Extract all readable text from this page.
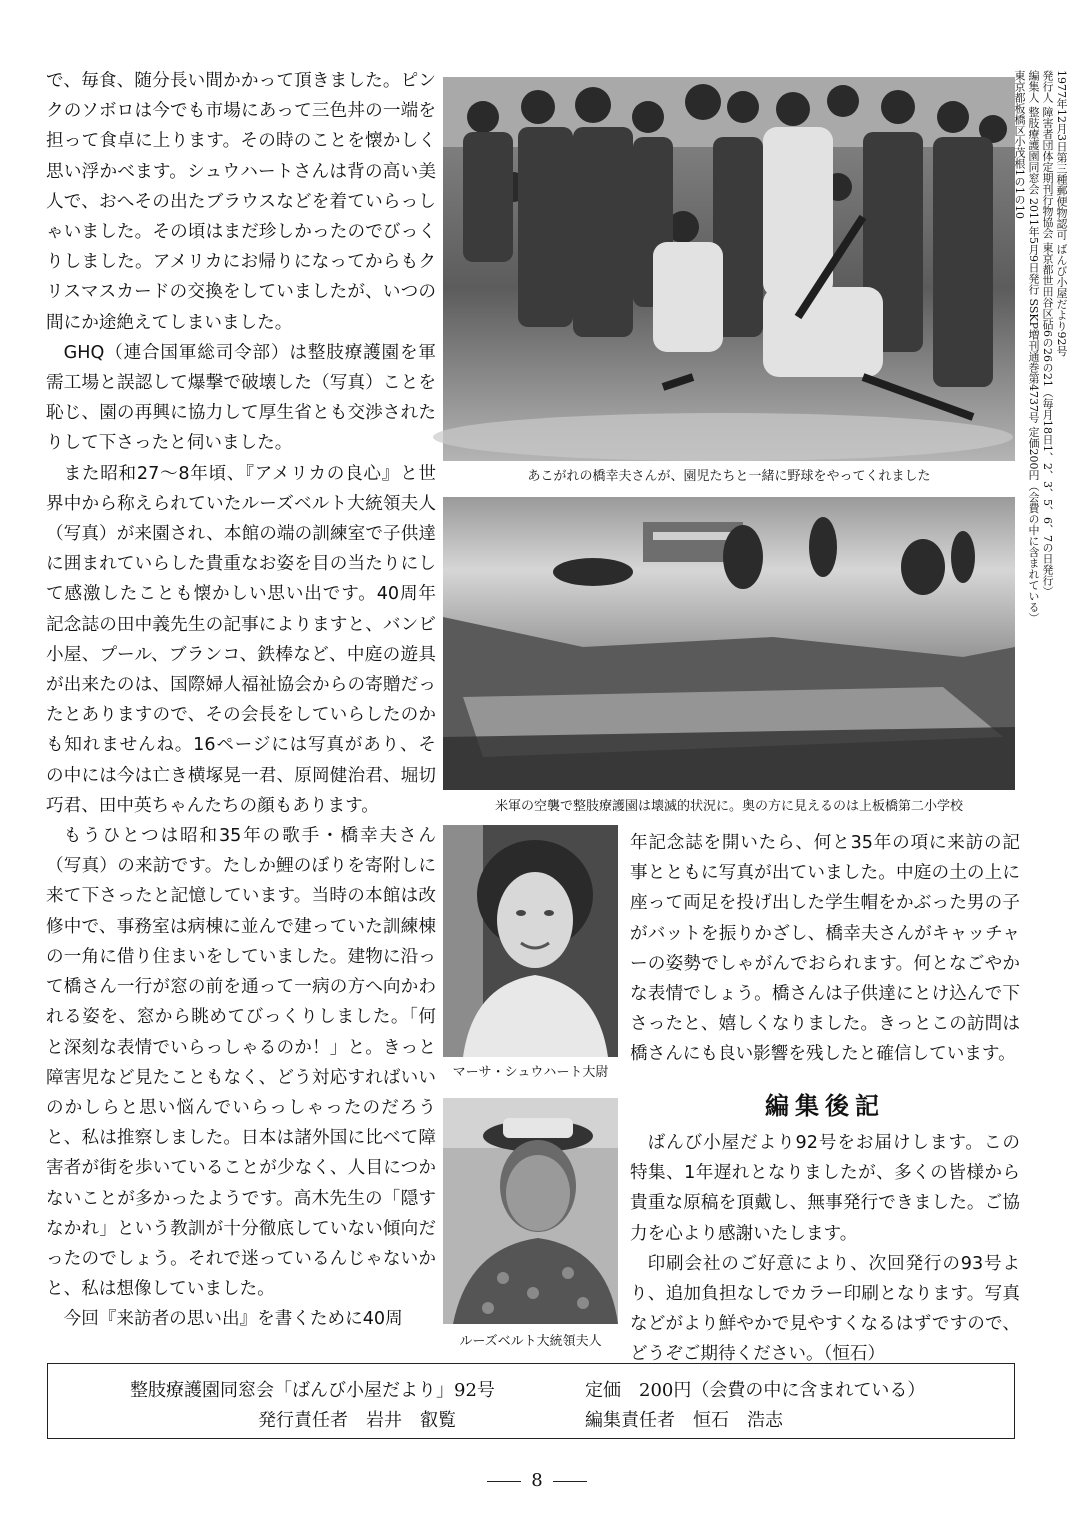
で、毎食、随分長い間かかって頂きました。ピンクのソボロは今でも市場にあって三色丼の一端を担って食卓に上ります。その時のことを懐かしく思い浮かべます。シュウハートさんは背の高い美人で、おへその出たブラウスなどを着ていらっしゃいました。その頃はまだ珍しかったのでびっくりしました。アメリカにお帰りになってからもクリスマスカードの交換をしていましたが、いつの間にか途絶えてしまいました。

GHQ（連合国軍総司令部）は整肢療護園を軍需工場と誤認して爆撃で破壊した（写真）ことを恥じ、園の再興に協力して厚生省とも交渉されたりして下さったと伺いました。

また昭和27〜8年頃、『アメリカの良心』と世界中から称えられていたルーズベルト大統領夫人（写真）が来園され、本館の端の訓練室で子供達に囲まれていらした貴重なお姿を目の当たりにして感激したことも懐かしい思い出です。40周年記念誌の田中義先生の記事によりますと、バンビ小屋、プール、ブランコ、鉄棒など、中庭の遊具が出来たのは、国際婦人福祉協会からの寄贈だったとありますので、その会長をしていらしたのかも知れませんね。16ページには写真があり、その中には今は亡き横塚晃一君、原岡健治君、堀切巧君、田中英ちゃんたちの顔もあります。

もうひとつは昭和35年の歌手・橋幸夫さん（写真）の来訪です。たしか鯉のぼりを寄附しに来て下さったと記憶しています。当時の本館は改修中で、事務室は病棟に並んで建っていた訓練棟の一角に借り住まいをしていました。建物に沿って橋さん一行が窓の前を通って一病の方へ向かわれる姿を、窓から眺めてびっくりしました。「何と深刻な表情でいらっしゃるのか！」と。きっと障害児など見たこともなく、どう対応すればいいのかしらと思い悩んでいらっしゃったのだろうと、私は推察しました。日本は諸外国に比べて障害者が街を歩いていることが少なく、人目につかないことが多かったようです。高木先生の「隠すなかれ」という教訓が十分徹底していない傾向だったのでしょう。それで迷っているんじゃないかと、私は想像していました。

今回『来訪者の思い出』を書くために40周

あこがれの橋幸夫さんが、園児たちと一緒に野球をやってくれました
米軍の空襲で整肢療護園は壊滅的状況に。奥の方に見えるのは上板橋第二小学校
マーサ・シュウハート大尉
ルーズベルト大統領夫人

年記念誌を開いたら、何と35年の項に来訪の記事とともに写真が出ていました。中庭の土の上に座って両足を投げ出した学生帽をかぶった男の子がバットを振りかざし、橋幸夫さんがキャッチャーの姿勢でしゃがんでおられます。何となごやかな表情でしょう。橋さんは子供達にとけ込んで下さったと、嬉しくなりました。きっとこの訪問は橋さんにも良い影響を残したと確信しています。

編集後記

ばんび小屋だより92号をお届けします。この特集、1年遅れとなりましたが、多くの皆様から貴重な原稿を頂戴し、無事発行できました。ご協力を心より感謝いたします。

印刷会社のご好意により、次回発行の93号より、追加負担なしでカラー印刷となります。写真などがより鮮やかで見やすくなるはずですので、どうぞご期待ください。（恒石）

1977年12月3日第三種郵便物認可 ばんび小屋だより92号
発行人 障害者団体定期刊行物協会 東京都世田谷区砧6の26の21（毎月18日1、2、3、5、6、7の日発行）
編集人 整肢療護園同窓会 2011年5月9日発行 SSKP増刊通巻第4737号 定価200円（会費の中に含まれている）
東京都板橋区小茂根1の1の10
整肢療護園同窓会「ばんび小屋だより」92号	定価　200円（会費の中に含まれている）
発行責任者　岩井　叡覧	編集責任者　恒石　浩志
8
